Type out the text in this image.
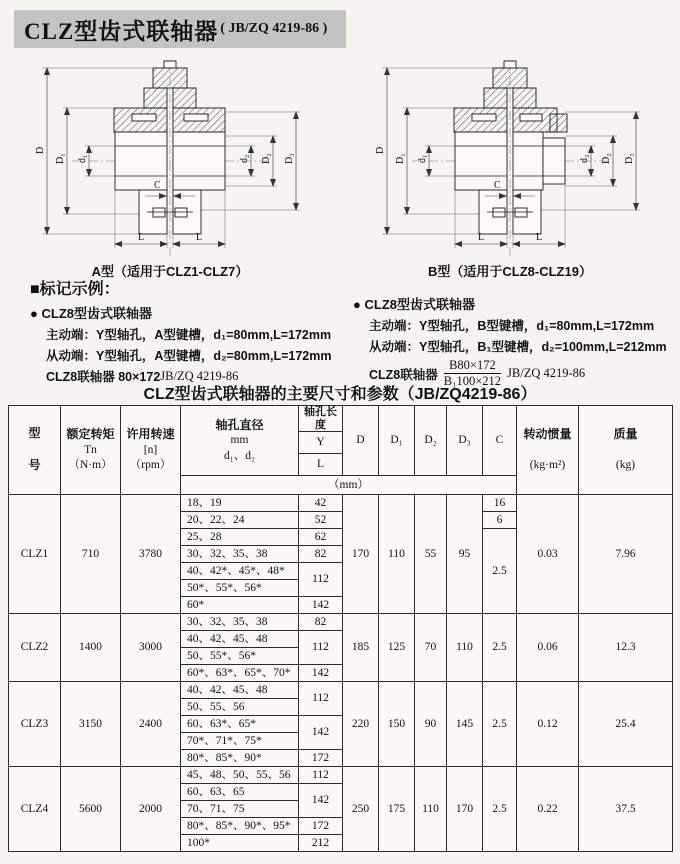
CLZ型齿式联轴器 ( JB/ZQ 4219-86 )
D
D₁ d₁	d₂ D₂ D₃
C
L	L
A型（适用于CLZ1-CLZ7）
D
D₁ d₁	d₂ D₂ D₃
C
L	L
B型（适用于CLZ8-CLZ19）
■标记示例：
● CLZ8型齿式联轴器
主动端：Y型轴孔，A型键槽，d₁=80mm,L=172mm
从动端：Y型轴孔，A型键槽，d₂=80mm,L=172mm
CLZ8联轴器 80×172 JB/ZQ 4219-86
● CLZ8型齿式联轴器
主动端：Y型轴孔，B型键槽，d₁=80mm,L=172mm
从动端：Y型轴孔，B₁型键槽，d₂=100mm,L=212mm
CLZ8联轴器 $\frac{B80\times 172}{\text{B₁100×212}} JB/ZQ$ 4219-86
CLZ型齿式联轴器的主要尺寸和参数（JB/ZQ4219-86）
型
号

额定转矩
Tn
（N·m）

许用转速
[n]
（rpm）

轴孔直径
mm
d₁、d₂
	轴孔长度	D	D₁	D₂	D₃	C	转动惯量
(kg·m²)

质量
(kg)

				Y							
				L							
			（mm）								
CLZ1	710	3780	18、19	42	170	110	55	95	16	0.03	7.96
			20、22、24	52					6		
			25、28	62					2.5		
			30、32、35、38	82							
			40、42*、45*、48*	112							
			50*、55*、56*								
			60*	142							
CLZ2	1400	3000	30、32、35、38	82	185	125	70	110	2.5	0.06	12.3
			40、42、45、48	112							
			50、55*、56*								
			60*、63*、65*、70*	142							
CLZ3	3150	2400	40、42、45、48	112	220	150	90	145	2.5	0.12	25.4
			50、55、56								
			60、63*、65*	142							
			70*、71*、75*								
			80*、85*、90*	172							
CLZ4	5600	2000	45、48、50、55、56	112	250	175	110	170	2.5	0.22	37.5
			60、63、65	142							
			70、71、75								
			80*、85*、90*、95*	172							
			100*	212							
